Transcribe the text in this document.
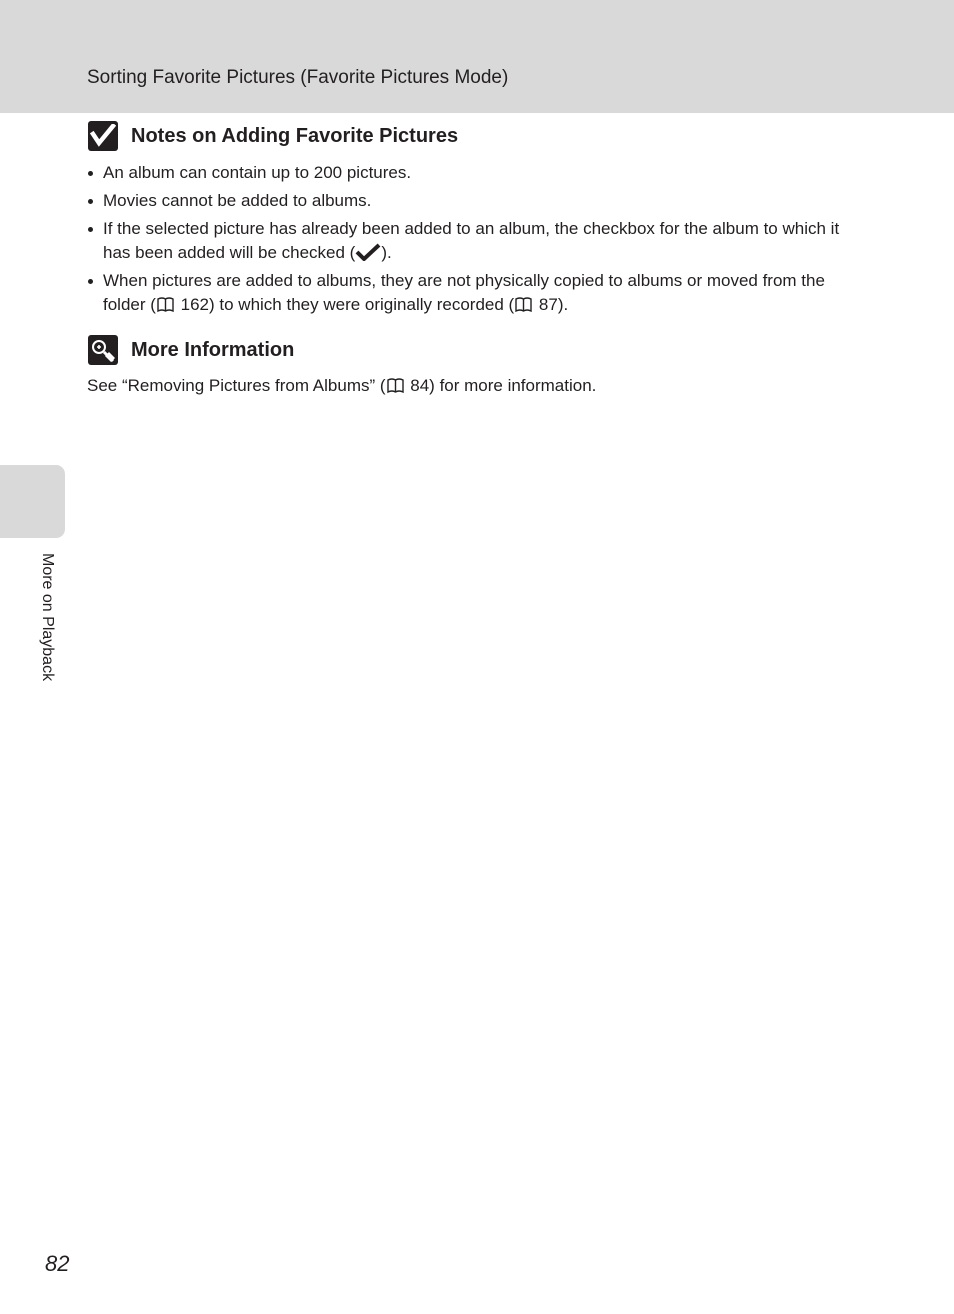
Sorting Favorite Pictures (Favorite Pictures Mode)
Notes on Adding Favorite Pictures
An album can contain up to 200 pictures.
Movies cannot be added to albums.
If the selected picture has already been added to an album, the checkbox for the album to which it has been added will be checked ( ).
When pictures are added to albums, they are not physically copied to albums or moved from the folder ( 162) to which they were originally recorded ( 87).
More Information
See “Removing Pictures from Albums” ( 84) for more information.
More on Playback
82
